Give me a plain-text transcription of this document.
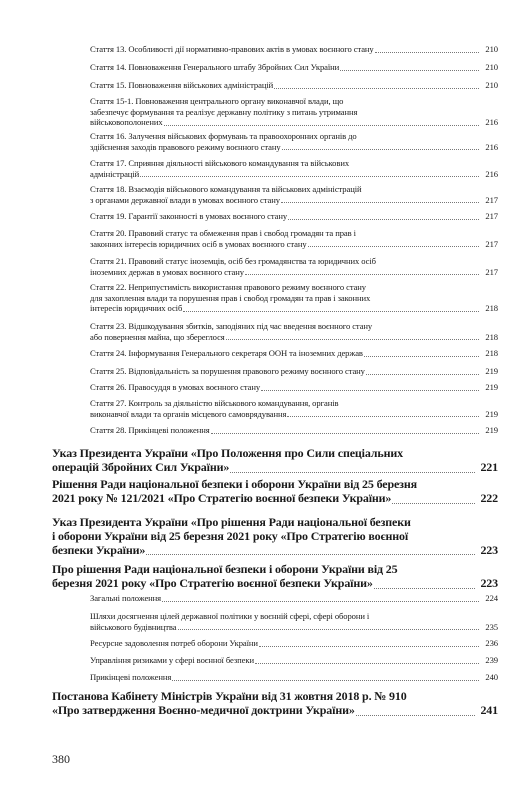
Стаття 13. Особливості дії нормативно-правових актів в умовах воєнного стану	210
Стаття 14. Повноваження Генерального штабу Збройних Сил України	210
Стаття 15. Повноваження військових адміністрацій	210
Стаття 15-1. Повноваження центрального органу виконавчої влади, що
забезпечує формування та реалізує державну політику з питань утримання
військовополонених	216
Стаття 16. Залучення військових формувань та правоохоронних органів до
здійснення заходів правового режиму воєнного стану	216
Стаття 17. Сприяння діяльності військового командування та військових
адміністрацій	216
Стаття 18. Взаємодія військового командування та військових адміністрацій
з органами державної влади в умовах воєнного стану	217
Стаття 19. Гарантії законності в умовах воєнного стану	217
Стаття 20. Правовий статус та обмеження прав і свобод громадян та прав і
законних інтересів юридичних осіб в умовах воєнного стану	217
Стаття 21. Правовий статус іноземців, осіб без громадянства та юридичних осіб
іноземних держав в умовах воєнного стану	217
Стаття 22. Неприпустимість використання правового режиму воєнного стану
для захоплення влади та порушення прав і свобод громадян та прав і законних
інтересів юридичних осіб	218
Стаття 23. Відшкодування збитків, заподіяних під час введення воєнного стану
або повернення майна, що збереглося	218
Стаття 24. Інформування Генерального секретаря ООН та іноземних держав	218
Стаття 25. Відповідальність за порушення правового режиму воєнного стану	219
Стаття 26. Правосуддя в умовах воєнного стану	219
Стаття 27. Контроль за діяльністю військового командування, органів
виконавчої влади та органів місцевого самоврядування	219
Стаття 28. Прикінцеві положення	219
Указ Президента України «Про Положення про Сили спеціальних
операцій Збройних Сил України»	221
Рішення Ради національної безпеки і оборони України від 25 березня
2021 року № 121/2021 «Про Стратегію воєнної безпеки України»	222
Указ Президента України «Про рішення Ради національної безпеки
і оборони України від 25 березня 2021 року «Про Стратегію воєнної
безпеки України»	223
Про рішення Ради національної безпеки і оборони України від 25
березня 2021 року «Про Стратегію воєнної безпеки України»	223
Загальні положення	224
Шляхи досягнення цілей державної політики у воєнній сфері, сфері оборони і
військового будівництва	235
Ресурсне задоволення потреб оборони України	236
Управління ризиками у сфері воєнної безпеки	239
Прикінцеві положення	240
Постанова Кабінету Міністрів України від 31 жовтня 2018 р. № 910
«Про затвердження Воєнно-медичної доктрини України»	241
380
